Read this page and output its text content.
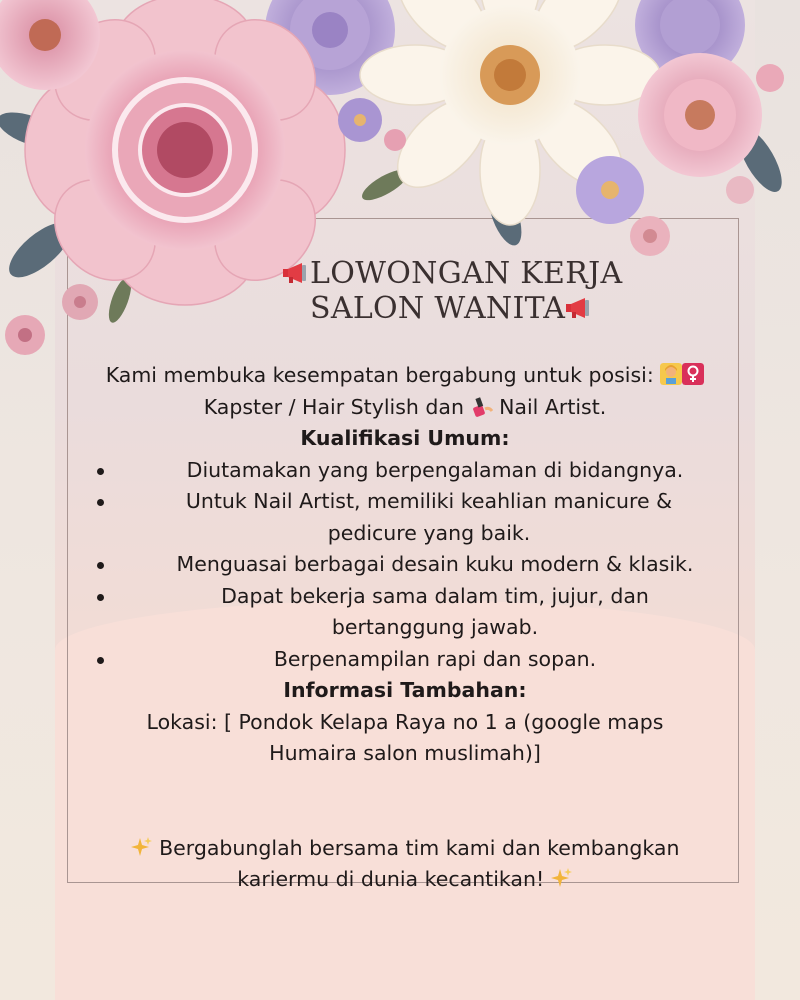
LOWONGAN KERJA
SALON WANITA

Kami membuka kesempatan bergabung untuk posisi:
Kapster / Hair Stylish dan Nail Artist.

Kualifikasi Umum:

Diutamakan yang berpengalaman di bidangnya.
Untuk Nail Artist, memiliki keahlian manicure & pedicure yang baik.
Menguasai berbagai desain kuku modern & klasik.
Dapat bekerja sama dalam tim, jujur, dan bertanggung jawab.
Berpenampilan rapi dan sopan.

Informasi Tambahan:

Lokasi: [ Pondok Kelapa Raya no 1 a (google maps Humaira salon muslimah)]

Bergabunglah bersama tim kami dan kembangkan kariermu di dunia kecantikan!
